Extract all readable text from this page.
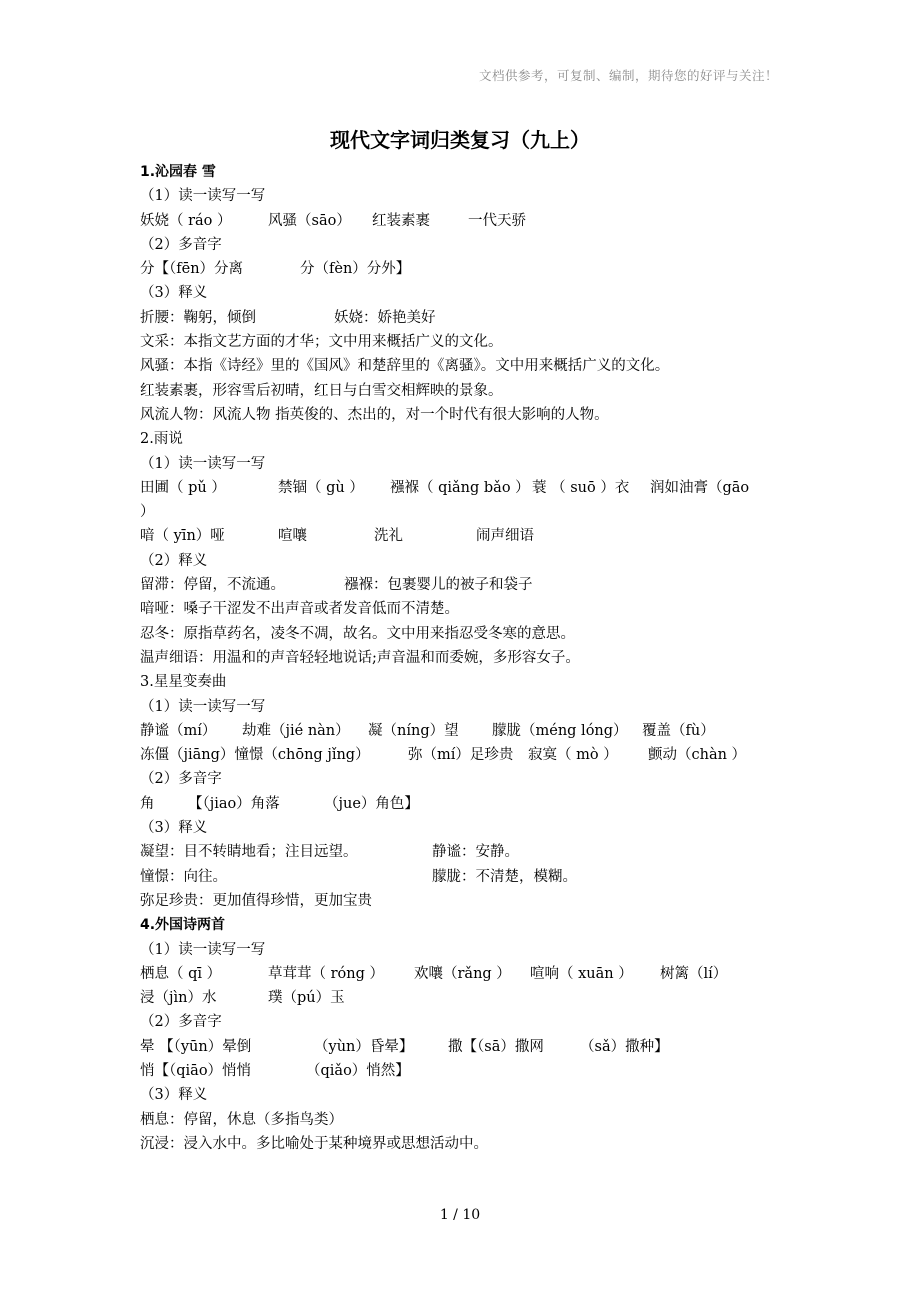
文档供参考，可复制、编制，期待您的好评与关注！
现代文字词归类复习（九上）
1.沁园春 雪
（1）读一读写一写
妖娆（ ráo ）	风骚（sāo） 红装素裹	一代天骄
（2）多音字
分【（fēn）分离	分（fèn）分外】
（3）释义
折腰：鞠躬，倾倒	妖娆：娇艳美好
文采：本指文艺方面的才华；文中用来概括广义的文化。
风骚：本指《诗经》里的《国风》和楚辞里的《离骚》。文中用来概括广义的文化。
红装素裹，形容雪后初晴，红日与白雪交相辉映的景象。
风流人物：风流人物 指英俊的、杰出的，对一个时代有很大影响的人物。
2.雨说
（1）读一读写一写
田圃（ pǔ ）	禁锢（ gù ） 襁褓（ qiǎng bǎo ） 蓑 （ suō ）衣 润如油膏（gāo
）
喑（ yīn）哑	喧嚷	洗礼	闹声细语
（2）释义
留滞：停留，不流通。	襁褓：包裹婴儿的被子和袋子
喑哑：嗓子干涩发不出声音或者发音低而不清楚。
忍冬：原指草药名，凌冬不凋，故名。文中用来指忍受冬寒的意思。
温声细语：用温和的声音轻轻地说话;声音温和而委婉，多形容女子。
3.星星变奏曲
（1）读一读写一写
静谧（mí） 劫难（jié nàn） 凝（níng）望 朦胧（méng lóng） 覆盖（fù）
冻僵（jiāng）憧憬（chōng jǐng）	弥（mí）足珍贵 寂寞（ mò ） 颤动（chàn ）
（2）多音字
角 【（jiao）角落	（jue）角色】
（3）释义
凝望：目不转睛地看；注目远望。	静谧：安静。
憧憬：向往。	朦胧：不清楚，模糊。
弥足珍贵：更加值得珍惜，更加宝贵
4.外国诗两首
（1）读一读写一写
栖息（ qī ）	草茸茸（ róng ） 欢嚷（rǎng ） 喧响（ xuān ） 树篱（lí）
浸（jìn）水	璞（pú）玉
（2）多音字
晕 【（yūn）晕倒	（yùn）昏晕】 撒【（sā）撒网 （sǎ）撒种】
悄【（qiāo）悄悄	（qiǎo）悄然】
（3）释义
栖息：停留，休息（多指鸟类）
沉浸：浸入水中。多比喻处于某种境界或思想活动中。
1 / 10
